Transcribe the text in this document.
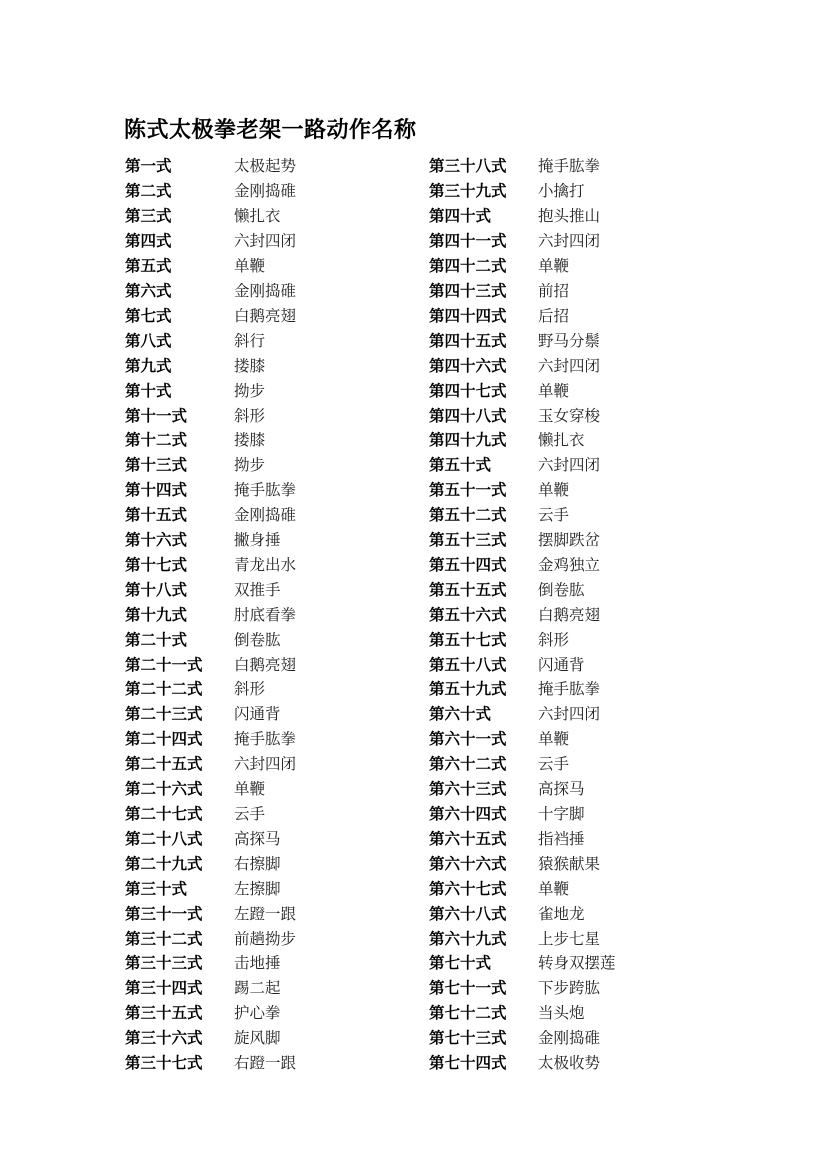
陈式太极拳老架一路动作名称
第一式	太极起势
第二式	金刚捣碓
第三式	懒扎衣
第四式	六封四闭
第五式	单鞭
第六式	金刚捣碓
第七式	白鹅亮翅
第八式	斜行
第九式	搂膝
第十式	拗步
第十一式	斜形
第十二式	搂膝
第十三式	拗步
第十四式	掩手肱拳
第十五式	金刚捣碓
第十六式	撇身捶
第十七式	青龙出水
第十八式	双推手
第十九式	肘底看拳
第二十式	倒卷肱
第二十一式	白鹅亮翅
第二十二式	斜形
第二十三式	闪通背
第二十四式	掩手肱拳
第二十五式	六封四闭
第二十六式	单鞭
第二十七式	云手
第二十八式	高探马
第二十九式	右擦脚
第三十式	左擦脚
第三十一式	左蹬一跟
第三十二式	前趟拗步
第三十三式	击地捶
第三十四式	踢二起
第三十五式	护心拳
第三十六式	旋风脚
第三十七式	右蹬一跟
第三十八式	掩手肱拳
第三十九式	小擒打
第四十式	抱头推山
第四十一式	六封四闭
第四十二式	单鞭
第四十三式	前招
第四十四式	后招
第四十五式	野马分鬃
第四十六式	六封四闭
第四十七式	单鞭
第四十八式	玉女穿梭
第四十九式	懒扎衣
第五十式	六封四闭
第五十一式	单鞭
第五十二式	云手
第五十三式	摆脚跌岔
第五十四式	金鸡独立
第五十五式	倒卷肱
第五十六式	白鹅亮翅
第五十七式	斜形
第五十八式	闪通背
第五十九式	掩手肱拳
第六十式	六封四闭
第六十一式	单鞭
第六十二式	云手
第六十三式	高探马
第六十四式	十字脚
第六十五式	指裆捶
第六十六式	猿猴献果
第六十七式	单鞭
第六十八式	雀地龙
第六十九式	上步七星
第七十式	转身双摆莲
第七十一式	下步跨肱
第七十二式	当头炮
第七十三式	金刚捣碓
第七十四式	太极收势
